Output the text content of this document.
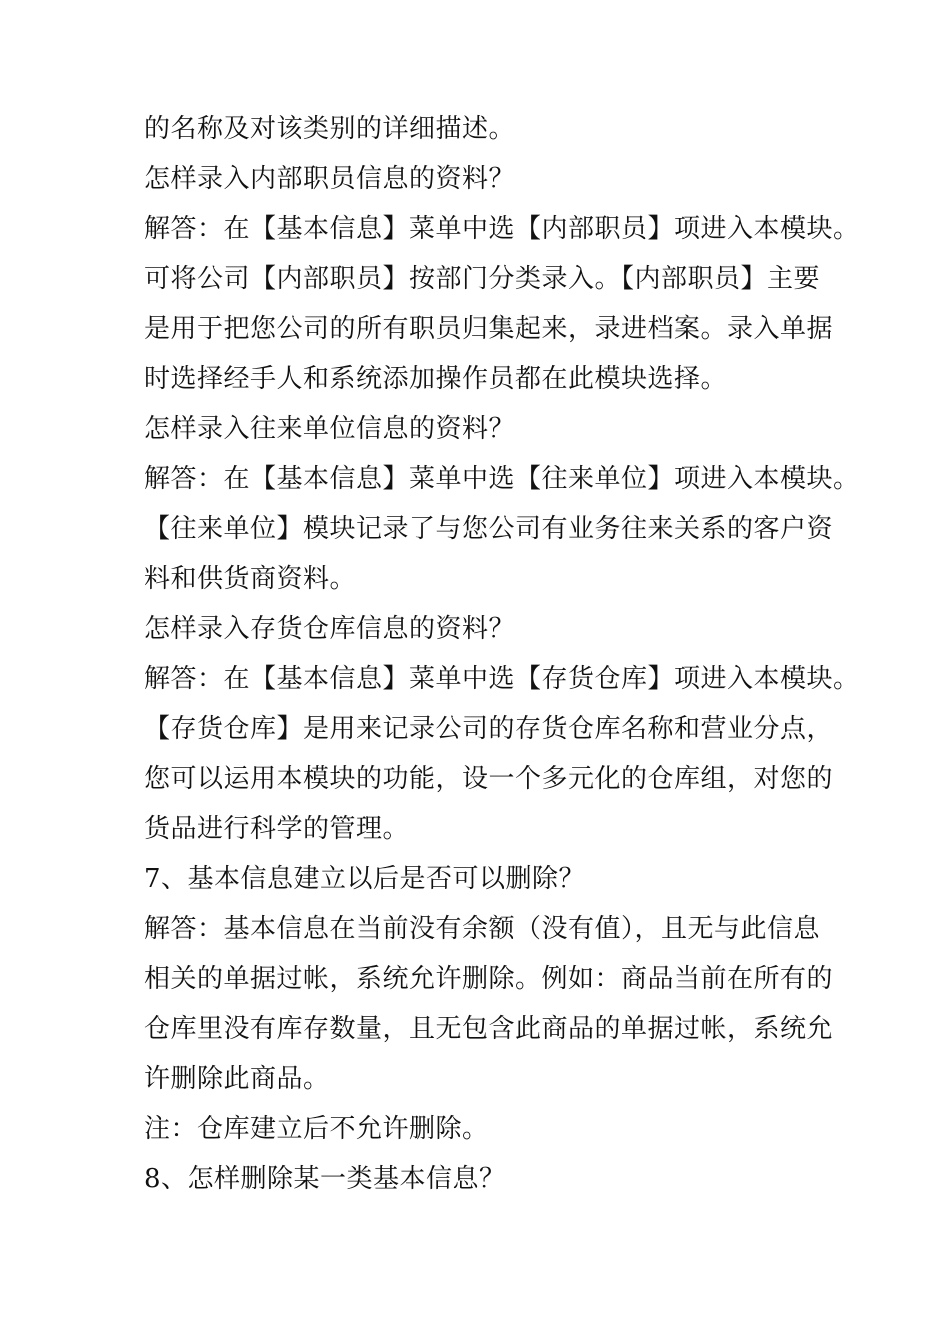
的名称及对该类别的详细描述。
怎样录入内部职员信息的资料？
解答：在【基本信息】菜单中选【内部职员】项进入本模块。
可将公司【内部职员】按部门分类录入。【内部职员】主要
是用于把您公司的所有职员归集起来，录进档案。录入单据
时选择经手人和系统添加操作员都在此模块选择。
怎样录入往来单位信息的资料？
解答：在【基本信息】菜单中选【往来单位】项进入本模块。
【往来单位】模块记录了与您公司有业务往来关系的客户资
料和供货商资料。
怎样录入存货仓库信息的资料？
解答：在【基本信息】菜单中选【存货仓库】项进入本模块。
【存货仓库】是用来记录公司的存货仓库名称和营业分点，
您可以运用本模块的功能，设一个多元化的仓库组，对您的
货品进行科学的管理。
7、基本信息建立以后是否可以删除？
解答：基本信息在当前没有余额（没有值），且无与此信息
相关的单据过帐，系统允许删除。例如：商品当前在所有的
仓库里没有库存数量，且无包含此商品的单据过帐，系统允
许删除此商品。
注：仓库建立后不允许删除。
8、怎样删除某一类基本信息？
